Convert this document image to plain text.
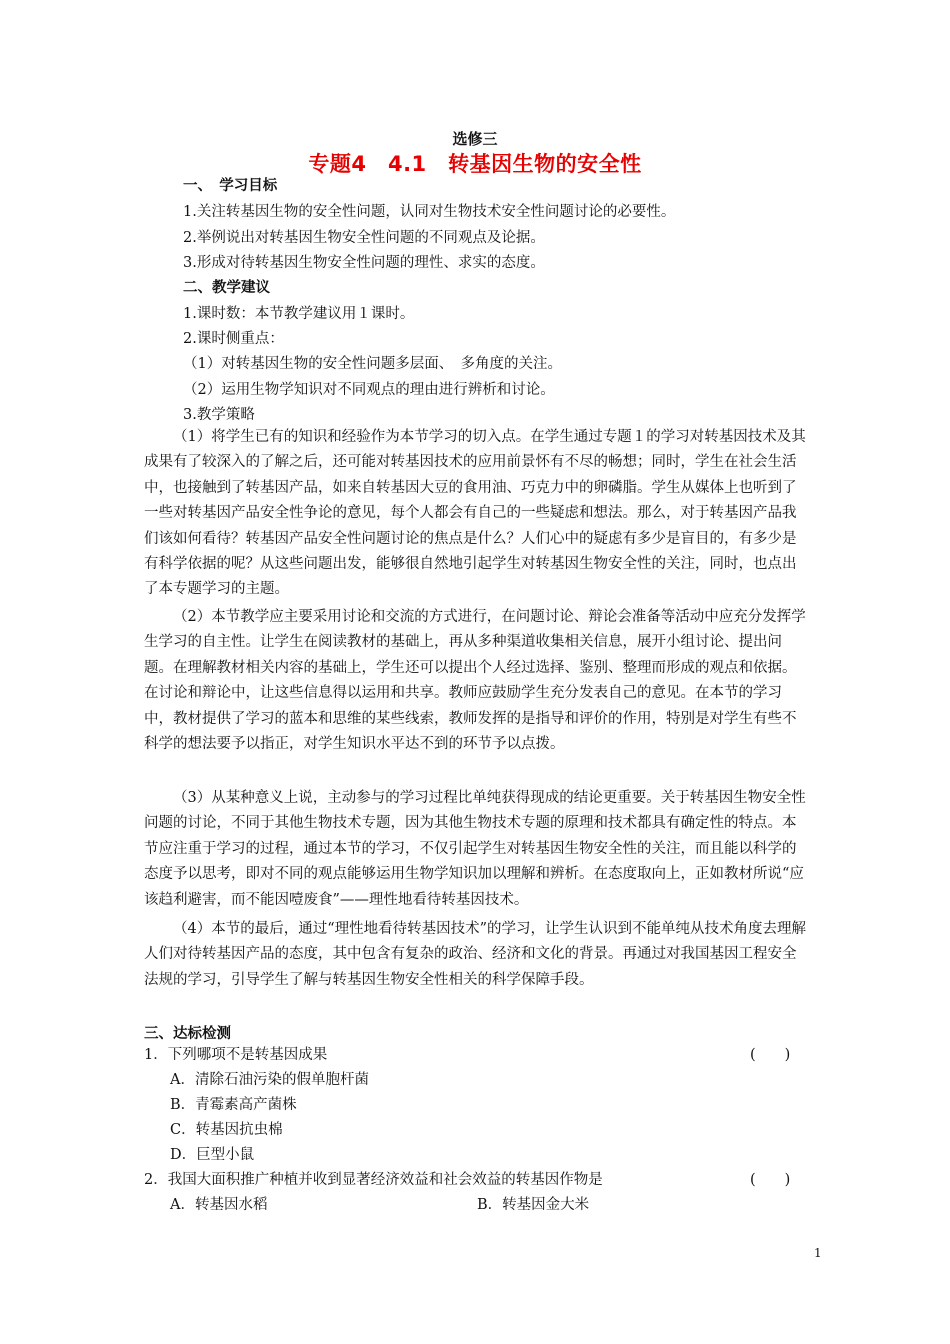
选修三
专题4　4.1　转基因生物的安全性
一、　学习目标
1.关注转基因生物的安全性问题，认同对生物技术安全性问题讨论的必要性。
2.举例说出对转基因生物安全性问题的不同观点及论据。
3.形成对待转基因生物安全性问题的理性、求实的态度。
二、教学建议
1.课时数：本节教学建议用１课时。
2.课时侧重点：
（1）对转基因生物的安全性问题多层面、　多角度的关注。
（2）运用生物学知识对不同观点的理由进行辨析和讨论。
3.教学策略
（1）将学生已有的知识和经验作为本节学习的切入点。在学生通过专题１的学习对转基因技术及其成果有了较深入的了解之后，还可能对转基因技术的应用前景怀有不尽的畅想；同时，学生在社会生活中，也接触到了转基因产品，如来自转基因大豆的食用油、巧克力中的卵磷脂。学生从媒体上也听到了一些对转基因产品安全性争论的意见，每个人都会有自己的一些疑虑和想法。那么，对于转基因产品我们该如何看待？转基因产品安全性问题讨论的焦点是什么？人们心中的疑虑有多少是盲目的，有多少是有科学依据的呢？从这些问题出发，能够很自然地引起学生对转基因生物安全性的关注，同时，也点出了本专题学习的主题。
（2）本节教学应主要采用讨论和交流的方式进行，在问题讨论、辩论会准备等活动中应充分发挥学生学习的自主性。让学生在阅读教材的基础上，再从多种渠道收集相关信息，展开小组讨论、提出问题。在理解教材相关内容的基础上，学生还可以提出个人经过选择、鉴别、整理而形成的观点和依据。在讨论和辩论中，让这些信息得以运用和共享。教师应鼓励学生充分发表自己的意见。在本节的学习中，教材提供了学习的蓝本和思维的某些线索，教师发挥的是指导和评价的作用，特别是对学生有些不科学的想法要予以指正，对学生知识水平达不到的环节予以点拨。
（3）从某种意义上说，主动参与的学习过程比单纯获得现成的结论更重要。关于转基因生物安全性问题的讨论，不同于其他生物技术专题，因为其他生物技术专题的原理和技术都具有确定性的特点。本节应注重于学习的过程，通过本节的学习，不仅引起学生对转基因生物安全性的关注，而且能以科学的态度予以思考，即对不同的观点能够运用生物学知识加以理解和辨析。在态度取向上，正如教材所说“应该趋利避害，而不能因噎废食”——理性地看待转基因技术。
（4）本节的最后，通过“理性地看待转基因技术”的学习，让学生认识到不能单纯从技术角度去理解人们对待转基因产品的态度，其中包含有复杂的政治、经济和文化的背景。再通过对我国基因工程安全法规的学习，引导学生了解与转基因生物安全性相关的科学保障手段。
三、达标检测
1．下列哪项不是转基因成果	(　　)
A．清除石油污染的假单胞杆菌
B．青霉素高产菌株
C．转基因抗虫棉
D．巨型小鼠
2．我国大面积推广种植并收到显著经济效益和社会效益的转基因作物是	(　　)
A．转基因水稻	B．转基因金大米
1
